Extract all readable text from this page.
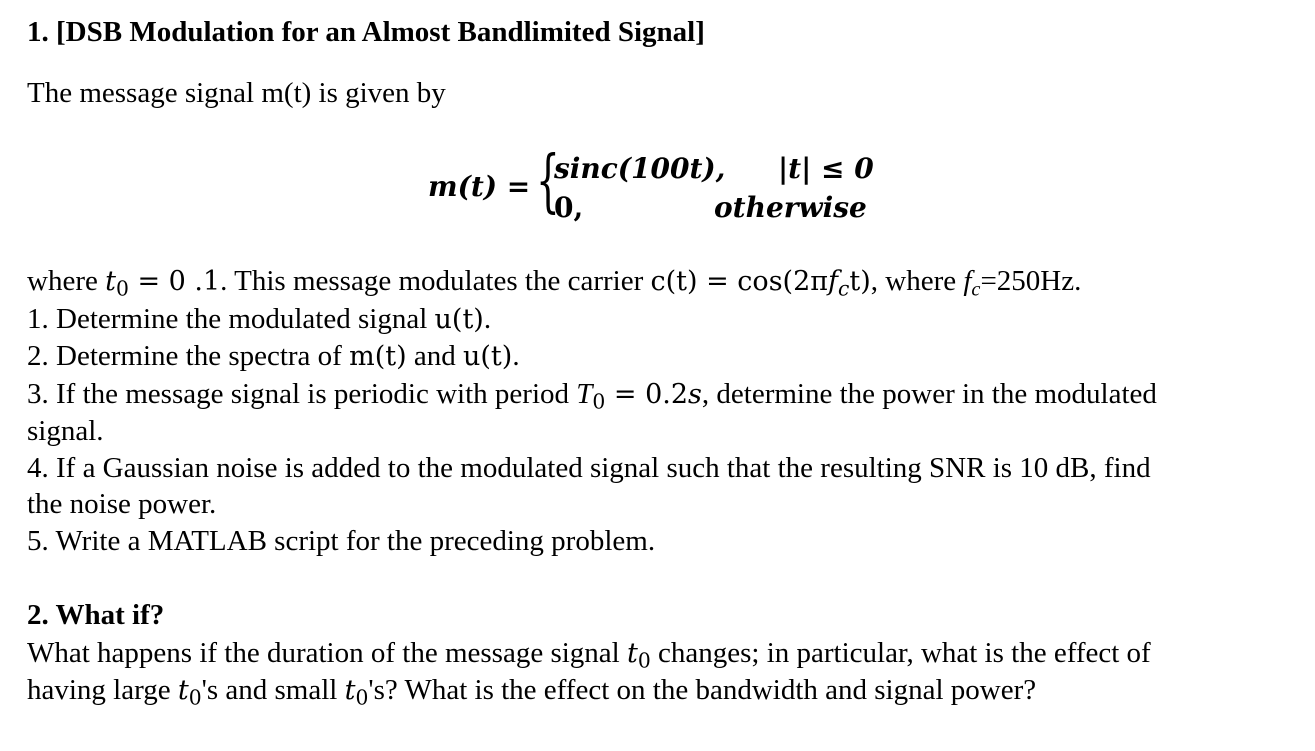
1. [DSB Modulation for an Almost Bandlimited Signal]
The message signal m(t) is given by
m(t) = {
sinc(100t), |t| ≤ 0
0,	otherwise
where $t_0 = 0$ .1. This message modulates the carrier $c(t) = \cos(2\pi f_ct)$, where $f_c=250Hz$.
1. Determine the modulated signal u(t).
2. Determine the spectra of m(t) and u(t).
3. If the message signal is periodic with period $T_0 = 0.2s$, determine the power in the modulated
signal.
4. If a Gaussian noise is added to the modulated signal such that the resulting SNR is 10 dB, find
the noise power.
5. Write a MATLAB script for the preceding problem.
2. What if?
What happens if the duration of the message signal $t_0$ changes; in particular, what is the effect of
having large $t_0's$ and small $t_0's$? What is the effect on the bandwidth and signal power?
